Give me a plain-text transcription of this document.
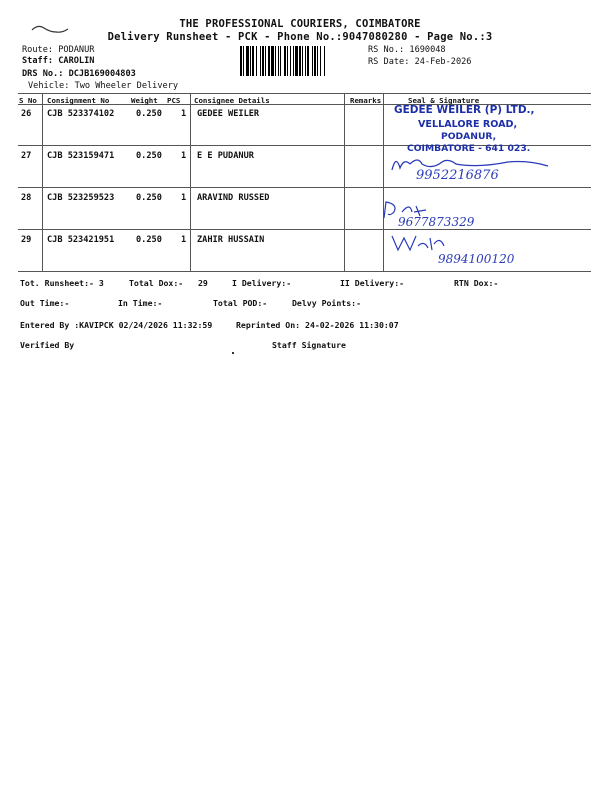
THE PROFESSIONAL COURIERS, COIMBATORE
Delivery Runsheet - PCK - Phone No.:9047080280 - Page No.:3
Route: PODANUR
Staff: CAROLIN
DRS No.: DCJB169004803
Vehicle: Two Wheeler Delivery
RS No.: 1690048
RS Date: 24-Feb-2026
S No Consignment No	Weight PCS Consignee Details	Remarks	Seal & Signature
26 CJB 523374102	0.250 1 GEDEE WEILER
27 CJB 523159471	0.250 1 E E PUDANUR
28 CJB 523259523	0.250 1 ARAVIND RUSSED
29 CJB 523421951	0.250 1 ZAHIR HUSSAIN
GEDEE WEILER (P) LTD.,
VELLALORE ROAD,
PODANUR,
COIMBATORE - 641 023.
9952216876
9677873329
9894100120
Tot. Runsheet:- 3	Total Dox:- 29	I Delivery:-	II Delivery:-	RTN Dox:-
Out Time:-	In Time:-	Total POD:-	Delvy Points:-
Entered By :KAVIPCK 02/24/2026 11:32:59	Reprinted On: 24-02-2026 11:30:07
Verified By	Staff Signature
